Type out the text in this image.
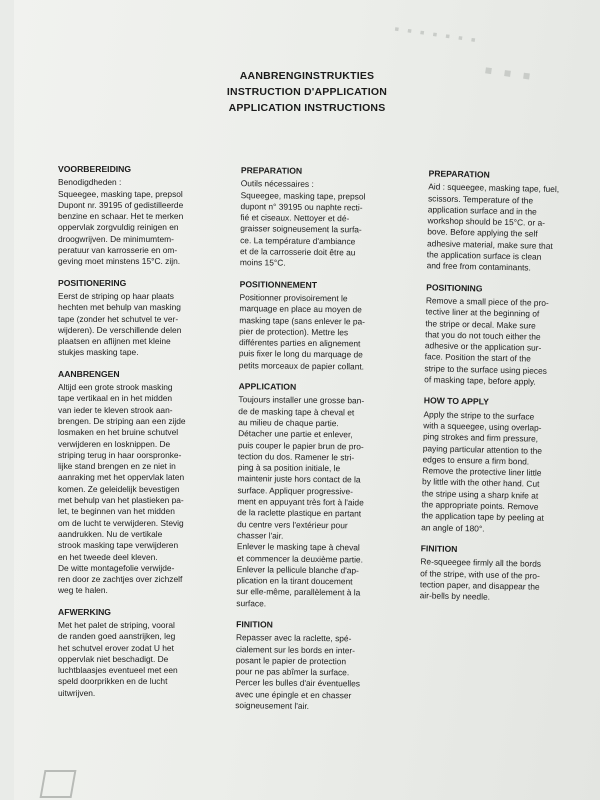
▪ ▪ ▪ ▪ ▪ ▪ ▪
▪ ▪ ▪
AANBRENGINSTRUKTIES
INSTRUCTION D'APPLICATION
APPLICATION INSTRUCTIONS
VOORBEREIDING

Benodigdheden :
Squeegee, masking tape, prepsol
Dupont nr. 39195 of gedistilleerde
benzine en schaar. Het te merken
oppervlak zorgvuldig reinigen en
droogwrijven. De minimumtem-
peratuur van karrosserie en om-
geving moet minstens 15°C. zijn.

POSITIONERING

Eerst de striping op haar plaats
hechten met behulp van masking
tape (zonder het schutvel te ver-
wijderen). De verschillende delen
plaatsen en aflijnen met kleine
stukjes masking tape.

AANBRENGEN

Altijd een grote strook masking
tape vertikaal en in het midden
van ieder te kleven strook aan-
brengen. De striping aan een zijde
losmaken en het bruine schutvel
verwijderen en losknippen. De
striping terug in haar oorspronke-
lijke stand brengen en ze niet in
aanraking met het oppervlak laten
komen. Ze geleidelijk bevestigen
met behulp van het plastieken pa-
let, te beginnen van het midden
om de lucht te verwijderen. Stevig
aandrukken. Nu de vertikale
strook masking tape verwijderen
en het tweede deel kleven.
De witte montagefolie verwijde-
ren door ze zachtjes over zichzelf
weg te halen.

AFWERKING

Met het palet de striping, vooral
de randen goed aanstrijken, leg
het schutvel erover zodat U het
oppervlak niet beschadigt. De
luchtblaasjes eventueel met een
speld doorprikken en de lucht
uitwrijven.

PREPARATION

Outils nécessaires :
Squeegee, masking tape, prepsol
dupont n° 39195 ou naphte recti-
fié et ciseaux. Nettoyer et dé-
graisser soigneusement la surfa-
ce. La température d'ambiance
et de la carrosserie doit être au
moins 15°C.

POSITIONNEMENT

Positionner provisoirement le
marquage en place au moyen de
masking tape (sans enlever le pa-
pier de protection). Mettre les
différentes parties en alignement
puis fixer le long du marquage de
petits morceaux de papier collant.

APPLICATION

Toujours installer une grosse ban-
de de masking tape à cheval et
au milieu de chaque partie.
Détacher une partie et enlever,
puis couper le papier brun de pro-
tection du dos. Ramener le stri-
ping à sa position initiale, le
maintenir juste hors contact de la
surface. Appliquer progressive-
ment en appuyant très fort à l'aide
de la raclette plastique en partant
du centre vers l'extérieur pour
chasser l'air.
Enlever le masking tape à cheval
et commencer la deuxième partie.
Enlever la pellicule blanche d'ap-
plication en la tirant doucement
sur elle-même, parallèlement à la
surface.

FINITION

Repasser avec la raclette, spé-
cialement sur les bords en inter-
posant le papier de protection
pour ne pas abîmer la surface.
Percer les bulles d'air éventuelles
avec une épingle et en chasser
soigneusement l'air.

PREPARATION

Aid : squeegee, masking tape, fuel,
scissors. Temperature of the
application surface and in the
workshop should be 15°C. or a-
bove. Before applying the self
adhesive material, make sure that
the application surface is clean
and free from contaminants.

POSITIONING

Remove a small piece of the pro-
tective liner at the beginning of
the stripe or decal. Make sure
that you do not touch either the
adhesive or the application sur-
face. Position the start of the
stripe to the surface using pieces
of masking tape, before apply.

HOW TO APPLY

Apply the stripe to the surface
with a squeegee, using overlap-
ping strokes and firm pressure,
paying particular attention to the
edges to ensure a firm bond.
Remove the protective liner little
by little with the other hand. Cut
the stripe using a sharp knife at
the appropriate points. Remove
the application tape by peeling at
an angle of 180°.

FINITION

Re-squeegee firmly all the bords
of the stripe, with use of the pro-
tection paper, and disappear the
air-bells by needle.
